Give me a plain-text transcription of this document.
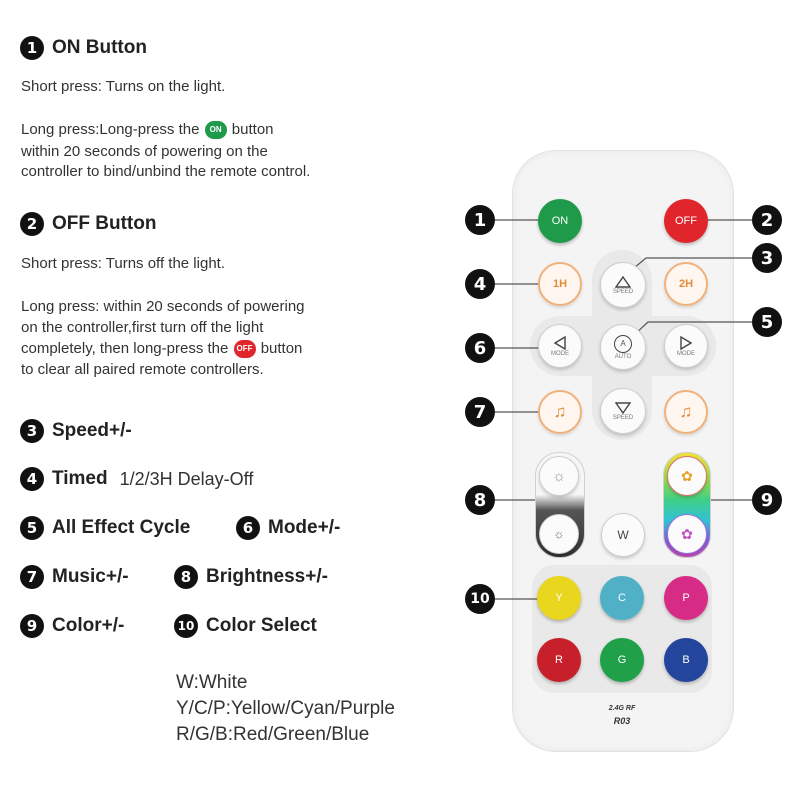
1 ON Button
Short press: Turns on the light.
Long press:Long-press the ON button
within 20 seconds of powering on the
controller to bind/unbind the remote control.
2 OFF Button
Short press: Turns off the light.
Long press: within 20 seconds of powering
on the controller,first turn off the light
completely, then long-press the OFF button
to clear all paired remote controllers.
3 Speed+/-
4 Timed 1/2/3H Delay-Off
5 All Effect Cycle	6 Mode+/-
7 Music+/-	8 Brightness+/-
9 Color+/-	10 Color Select
W:White
Y/C/P:Yellow/Cyan/Purple
R/G/B:Red/Green/Blue
1	2
3
4
5
6
7
8	9
10
ON	OFF
1H	2H
SPEED
MODE
A
AUTO	MODE
♫	♫
SPEED
☼
☼	W
✿
✿
Y	C	P
R	G	B
2.4G RF
R03
